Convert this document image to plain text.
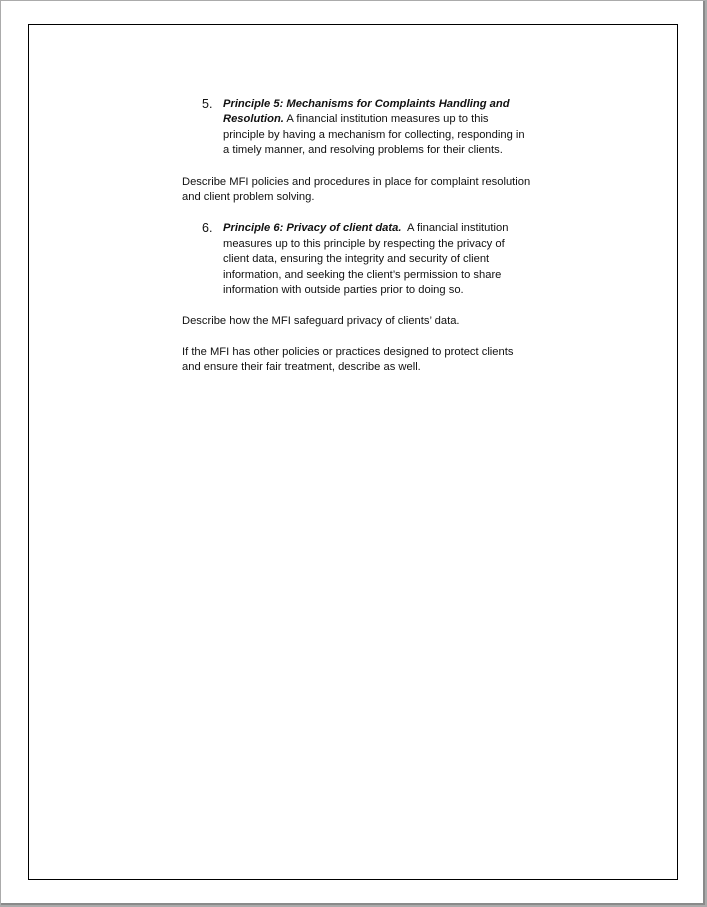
5. Principle 5: Mechanisms for Complaints Handling and Resolution. A financial institution measures up to this principle by having a mechanism for collecting, responding in a timely manner, and resolving problems for their clients.

Describe MFI policies and procedures in place for complaint resolution and client problem solving.

6. Principle 6: Privacy of client data.  A financial institution measures up to this principle by respecting the privacy of client data, ensuring the integrity and security of client information, and seeking the client’s permission to share information with outside parties prior to doing so.

Describe how the MFI safeguard privacy of clients’ data.

If the MFI has other policies or practices designed to protect clients and ensure their fair treatment, describe as well.
